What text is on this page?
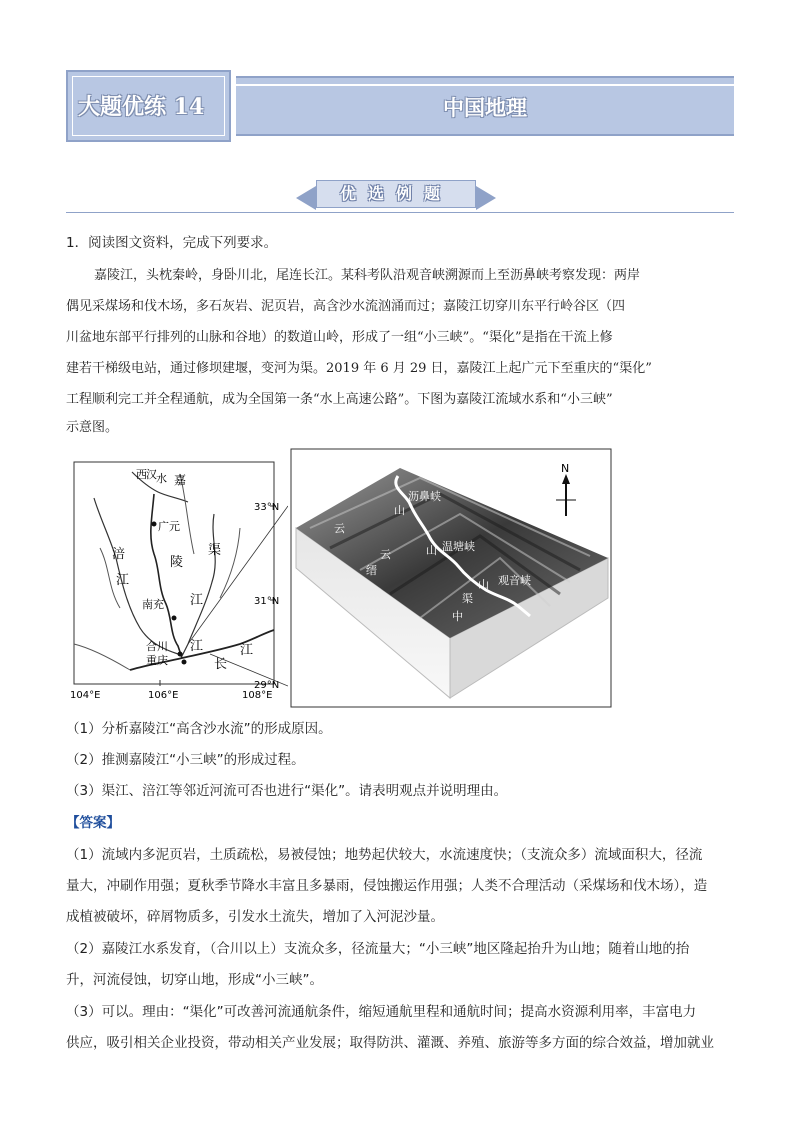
大题优练 14	中国地理
优选例题

1．阅读图文资料，完成下列要求。

嘉陵江，头枕秦岭，身卧川北，尾连长江。某科考队沿观音峡溯源而上至沥鼻峡考察发现：两岸

偶见采煤场和伐木场，多石灰岩、泥页岩，高含沙水流汹涌而过；嘉陵江切穿川东平行岭谷区（四

川盆地东部平行排列的山脉和谷地）的数道山岭，形成了一组“小三峡”。“渠化”是指在干流上修

建若干梯级电站，通过修坝建堰，变河为渠。2019 年 6 月 29 日，嘉陵江上起广元下至重庆的“渠化”

工程顺利完工并全程通航，成为全国第一条“水上高速公路”。下图为嘉陵江流域水系和“小三峡”

示意图。

西 汉 水 嘉
广元
涪
江
陵
江
渠
南充
合川
重庆
江
长
江
33°N
31°N
29°N
104°E	106°E	108°E
N
沥鼻峡
温塘峡
观音峡
山
云
缙
云	山
山
渠
中

（1）分析嘉陵江“高含沙水流”的形成原因。

（2）推测嘉陵江“小三峡”的形成过程。

（3）渠江、涪江等邻近河流可否也进行“渠化”。请表明观点并说明理由。

【答案】

（1）流域内多泥页岩，土质疏松，易被侵蚀；地势起伏较大，水流速度快；（支流众多）流域面积大，径流

量大，冲刷作用强；夏秋季节降水丰富且多暴雨，侵蚀搬运作用强；人类不合理活动（采煤场和伐木场），造

成植被破坏，碎屑物质多，引发水土流失，增加了入河泥沙量。

（2）嘉陵江水系发育，（合川以上）支流众多，径流量大；“小三峡”地区隆起抬升为山地；随着山地的抬

升，河流侵蚀，切穿山地，形成“小三峡”。

（3）可以。理由：“渠化”可改善河流通航条件，缩短通航里程和通航时间；提高水资源利用率，丰富电力

供应，吸引相关企业投资，带动相关产业发展；取得防洪、灌溉、养殖、旅游等多方面的综合效益，增加就业
